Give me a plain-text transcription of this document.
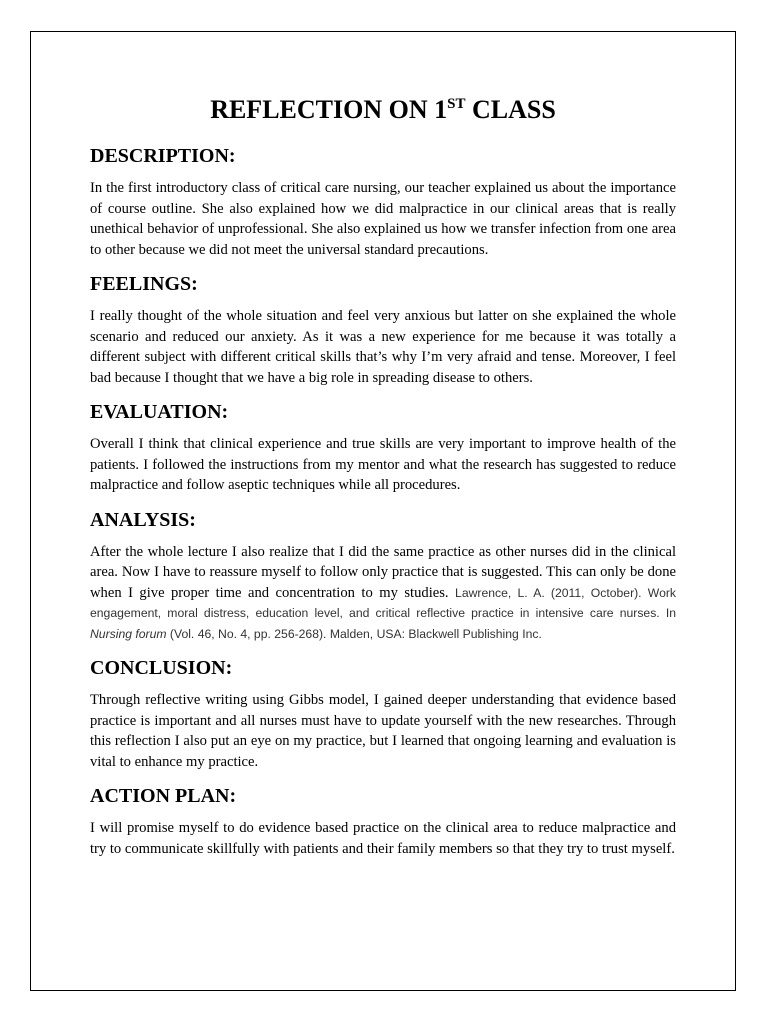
REFLECTION ON 1ST CLASS
DESCRIPTION:

In the first introductory class of critical care nursing, our teacher explained us about the importance of course outline. She also explained how we did malpractice in our clinical areas that is really unethical behavior of unprofessional. She also explained us how we transfer infection from one area to other because we did not meet the universal standard precautions.

FEELINGS:

I really thought of the whole situation and feel very anxious but latter on she explained the whole scenario and reduced our anxiety. As it was a new experience for me because it was totally a different subject with different critical skills that’s why I’m very afraid and tense. Moreover, I feel bad because I thought that we have a big role in spreading disease to others.

EVALUATION:

Overall I think that clinical experience and true skills are very important to improve health of the patients. I followed the instructions from my mentor and what the research has suggested to reduce malpractice and follow aseptic techniques while all procedures.

ANALYSIS:

After the whole lecture I also realize that I did the same practice as other nurses did in the clinical area. Now I have to reassure myself to follow only practice that is suggested. This can only be done when I give proper time and concentration to my studies. Lawrence, L. A. (2011, October). Work engagement, moral distress, education level, and critical reflective practice in intensive care nurses. In Nursing forum (Vol. 46, No. 4, pp. 256-268). Malden, USA: Blackwell Publishing Inc.

CONCLUSION:

Through reflective writing using Gibbs model, I gained deeper understanding that evidence based practice is important and all nurses must have to update yourself with the new researches. Through this reflection I also put an eye on my practice, but I learned that ongoing learning and evaluation is vital to enhance my practice.

ACTION PLAN:

I will promise myself to do evidence based practice on the clinical area to reduce malpractice and try to communicate skillfully with patients and their family members so that they try to trust myself.
